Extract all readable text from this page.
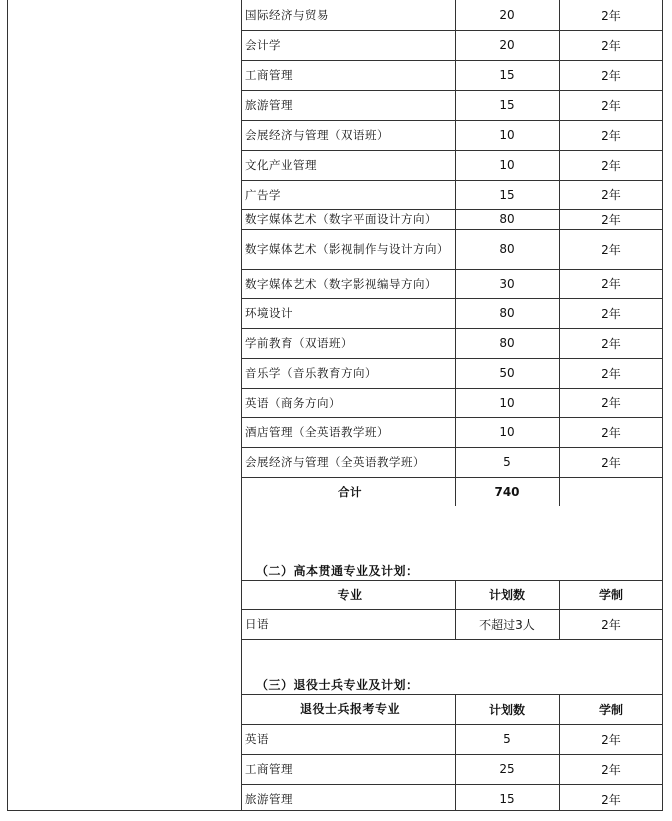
国际经济与贸易	20	2年
会计学	20	2年
工商管理	15	2年
旅游管理	15	2年
会展经济与管理（双语班）	10	2年
文化产业管理	10	2年
广告学	15	2年
数字媒体艺术（数字平面设计方向）	80	2年
数字媒体艺术（影视制作与设计方向）	80	2年
数字媒体艺术（数字影视编导方向）	30	2年
环境设计	80	2年
学前教育（双语班）	80	2年
音乐学（音乐教育方向）	50	2年
英语（商务方向）	10	2年
酒店管理（全英语教学班）	10	2年
会展经济与管理（全英语教学班）	5	2年
合计	740
（二）高本贯通专业及计划：
专业	计划数	学制
日语	不超过3人	2年
（三）退役士兵专业及计划：
退役士兵报考专业	计划数	学制
英语	5	2年
工商管理	25	2年
旅游管理	15	2年
